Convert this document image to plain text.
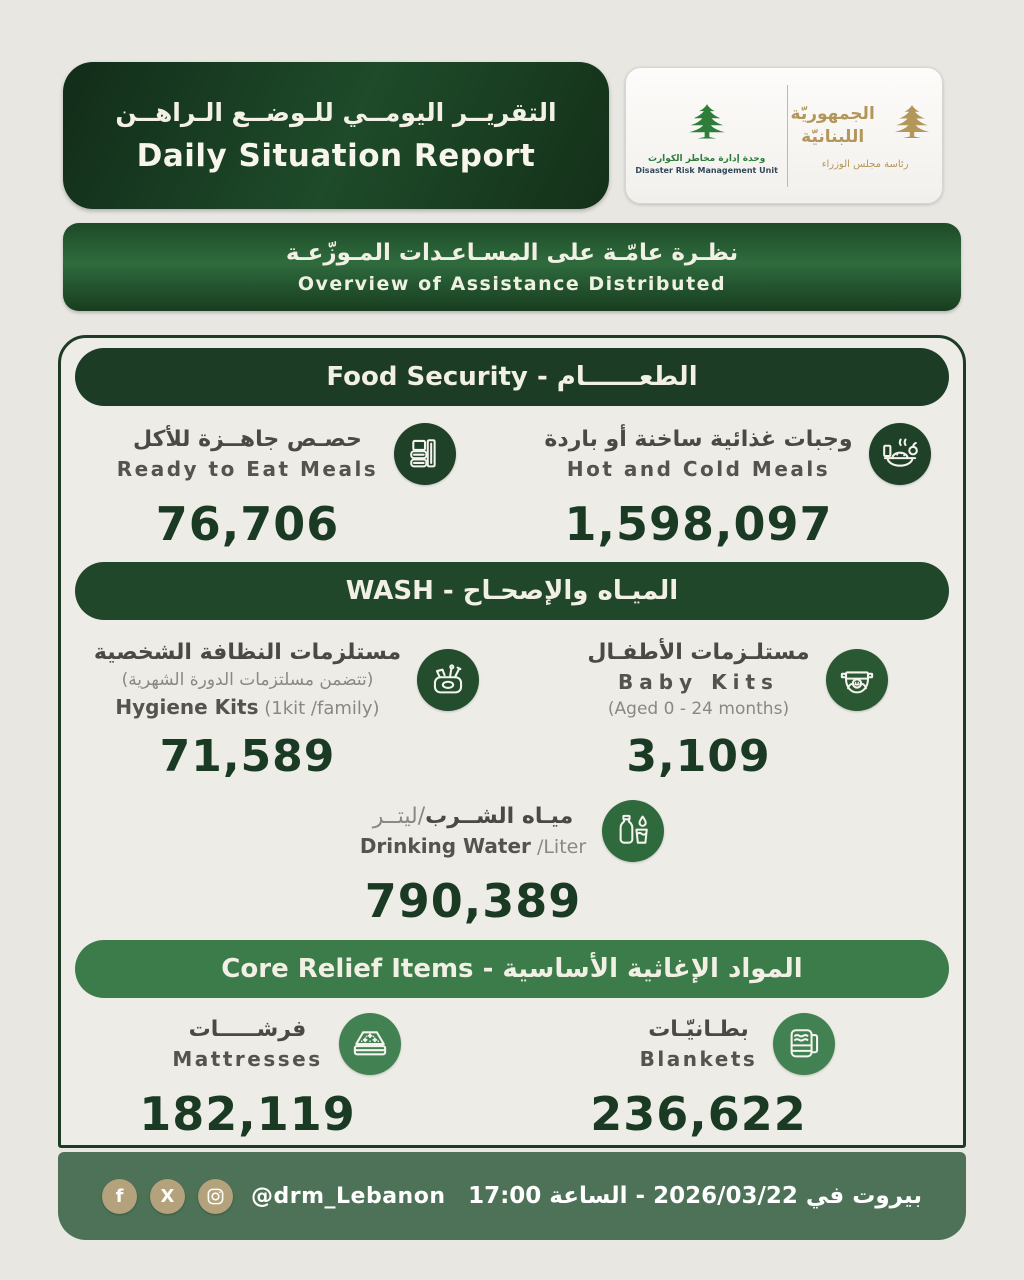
التقريــر اليومــي للـوضــع الـراهــن
Daily Situation Report	وحدة إدارة مخاطر الكوارث
Disaster Risk Management Unit
الجمهوريّة
اللبنانيّة
رئاسة مجلس الوزراء
نظـرة عامّـة على المسـاعـدات المـوزّعـة
Overview of Assistance Distributed
الطعــــــام - Food Security
حصـص جاهــزة للأكل
Ready to Eat Meals
76,706
وجبات غذائية ساخنة أو باردة
Hot and Cold Meals
1,598,097
الميـاه والإصحـاح - WASH
مستلزمات النظافة الشخصية
(تتضمن مسلتزمات الدورة الشهرية)
Hygiene Kits (1kit /family)
71,589
مستلـزمات الأطفـال
Baby Kits
(Aged 0 - 24 months)
3,109
ميـاه الشــرب/ليتــر
Drinking Water /Liter
790,389
المواد الإغاثية الأساسية - Core Relief Items
فرشـــــات
Mattresses
182,119
بطـانيّـات
Blankets
236,622
f	X	@drm_Lebanon بيروت في 2026/03/22 - الساعة 17:00
